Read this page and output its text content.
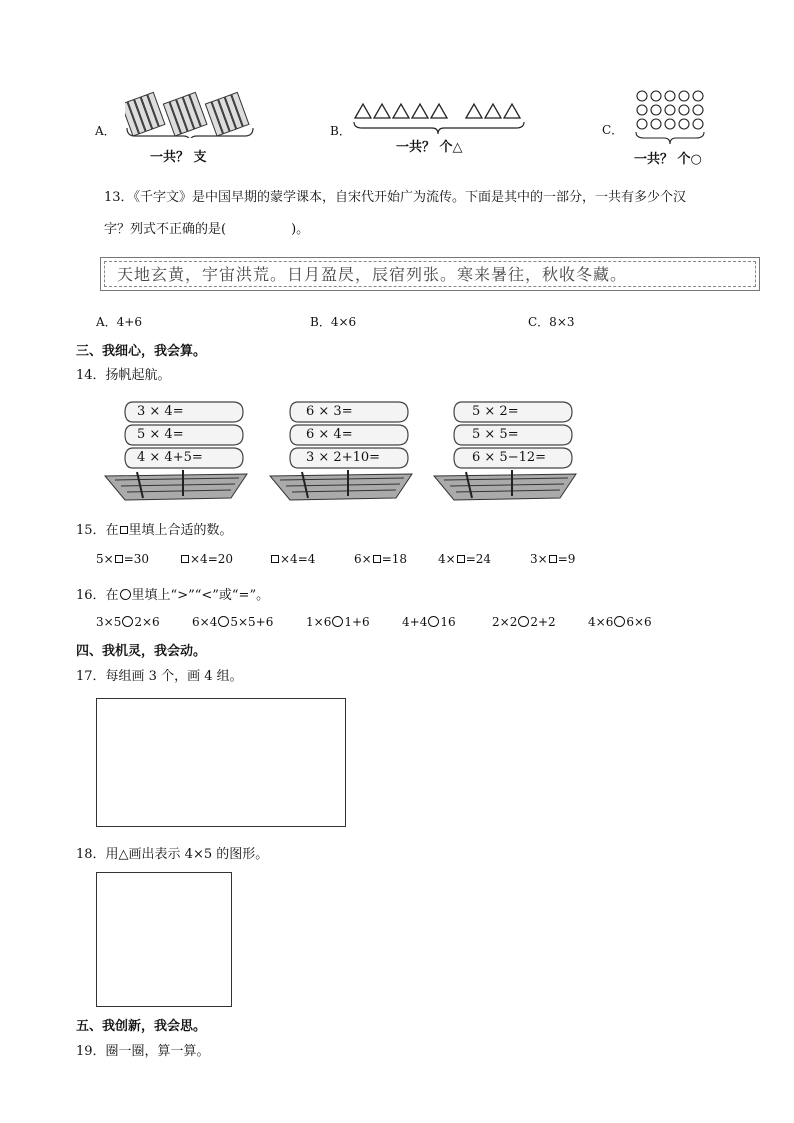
A．
一共？ 支
B．
一共？ 个△
C．
一共？ 个○
13．《千字文》是中国早期的蒙学课本，自宋代开始广为流传。下面是其中的一部分，一共有多少个汉
字？列式不正确的是(　　　　　)。
天地玄黄，宇宙洪荒。日月盈昃，辰宿列张。寒来暑往，秋收冬藏。
A．4+6	B．4×6	C．8×3
三、我细心，我会算。
14．扬帆起航。
3 × 4=
5 × 4=
4 × 4+5=
6 × 3=
6 × 4=
3 × 2+10=
5 × 2=
5 × 5=
6 × 5−12=
15．在 里填上合适的数。
5× =30	×4=20	×4=4	6× =18	4× =24	3× =9
16．在 里填上“>”“<”或“=”。
3×5 2×6	6×4 5×5+6	1×6 1+6	4+4 16	2×2 2+2	4×6 6×6
四、我机灵，我会动。
17．每组画 3 个，画 4 组。
18．用△画出表示 4×5 的图形。
五、我创新，我会思。
19．圈一圈，算一算。
